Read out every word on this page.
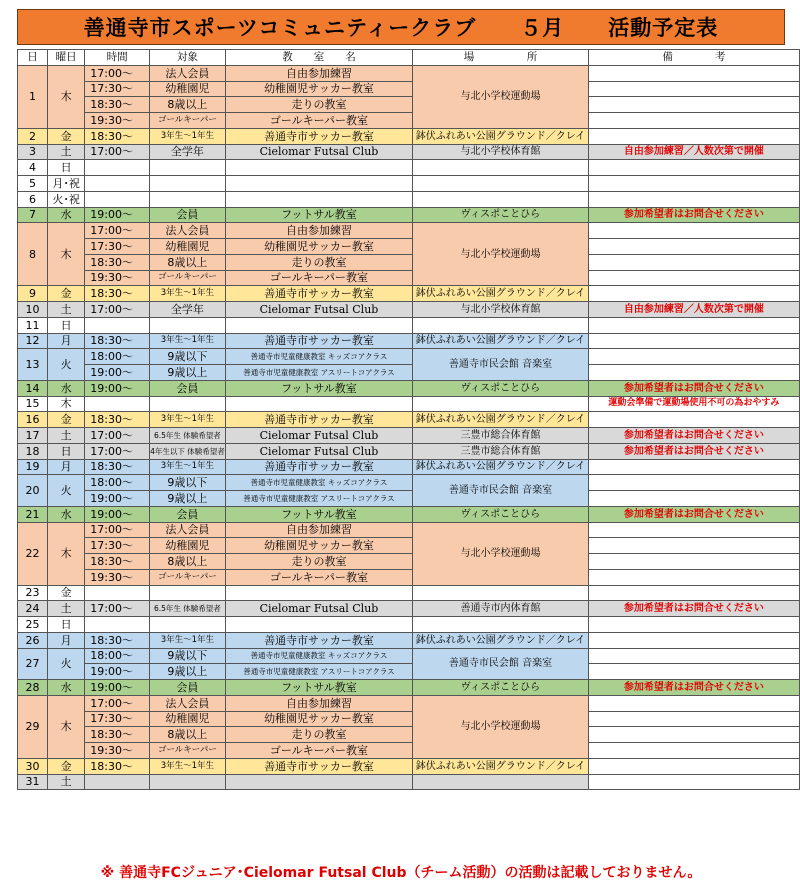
善通寺市スポーツコミュニティークラブ　　５月　　活動予定表
日	曜日	時間	対象	教　　室　　名	場　　　　　所	備　　　　考
1	木	17:00～	法人会員	自由参加練習	与北小学校運動場	
		17:30～	幼稚園児	幼稚園児サッカー教室		
		18:30～	8歳以上	走りの教室		
		19:30～	ゴールキーパー	ゴールキーパー教室		
2	金	18:30～	3年生～1年生	善通寺市サッカー教室	鉢伏ふれあい公園グラウンド／クレイ	
3	土	17:00～	全学年	Cielomar Futsal Club	与北小学校体育館	自由参加練習／人数次第で開催
4	日					
5	月･祝					
6	火･祝					
7	水	19:00～	会員	フットサル教室	ヴィスポことひら	参加希望者はお問合せください
8	木	17:00～	法人会員	自由参加練習	与北小学校運動場	
		17:30～	幼稚園児	幼稚園児サッカー教室		
		18:30～	8歳以上	走りの教室		
		19:30～	ゴールキーパー	ゴールキーパー教室		
9	金	18:30～	3年生～1年生	善通寺市サッカー教室	鉢伏ふれあい公園グラウンド／クレイ	
10	土	17:00～	全学年	Cielomar Futsal Club	与北小学校体育館	自由参加練習／人数次第で開催
11	日					
12	月	18:30～	3年生～1年生	善通寺市サッカー教室	鉢伏ふれあい公園グラウンド／クレイ	
13	火	18:00～	9歳以下	善通寺市児童健康教室 キッズコアクラス	善通寺市民会館 音楽室	
		19:00～	9歳以上	善通寺市児童健康教室 アスリートコアクラス		
14	水	19:00～	会員	フットサル教室	ヴィスポことひら	参加希望者はお問合せください
15	木					運動会準備で運動場使用不可の為おやすみ
16	金	18:30～	3年生～1年生	善通寺市サッカー教室	鉢伏ふれあい公園グラウンド／クレイ	
17	土	17:00～	6.5年生 体験希望者	Cielomar Futsal Club	三豊市総合体育館	参加希望者はお問合せください
18	日	17:00～	4年生以下 体験希望者	Cielomar Futsal Club	三豊市総合体育館	参加希望者はお問合せください
19	月	18:30～	3年生～1年生	善通寺市サッカー教室	鉢伏ふれあい公園グラウンド／クレイ	
20	火	18:00～	9歳以下	善通寺市児童健康教室 キッズコアクラス	善通寺市民会館 音楽室	
		19:00～	9歳以上	善通寺市児童健康教室 アスリートコアクラス		
21	水	19:00～	会員	フットサル教室	ヴィスポことひら	参加希望者はお問合せください
22	木	17:00～	法人会員	自由参加練習	与北小学校運動場	
		17:30～	幼稚園児	幼稚園児サッカー教室		
		18:30～	8歳以上	走りの教室		
		19:30～	ゴールキーパー	ゴールキーパー教室		
23	金					
24	土	17:00～	6.5年生 体験希望者	Cielomar Futsal Club	善通寺市内体育館	参加希望者はお問合せください
25	日					
26	月	18:30～	3年生～1年生	善通寺市サッカー教室	鉢伏ふれあい公園グラウンド／クレイ	
27	火	18:00～	9歳以下	善通寺市児童健康教室 キッズコアクラス	善通寺市民会館 音楽室	
		19:00～	9歳以上	善通寺市児童健康教室 アスリートコアクラス		
28	水	19:00～	会員	フットサル教室	ヴィスポことひら	参加希望者はお問合せください
29	木	17:00～	法人会員	自由参加練習	与北小学校運動場	
		17:30～	幼稚園児	幼稚園児サッカー教室		
		18:30～	8歳以上	走りの教室		
		19:30～	ゴールキーパー	ゴールキーパー教室		
30	金	18:30～	3年生～1年生	善通寺市サッカー教室	鉢伏ふれあい公園グラウンド／クレイ	
31	土					
※ 善通寺FCジュニア･Cielomar Futsal Club（チーム活動）の活動は記載しておりません。
